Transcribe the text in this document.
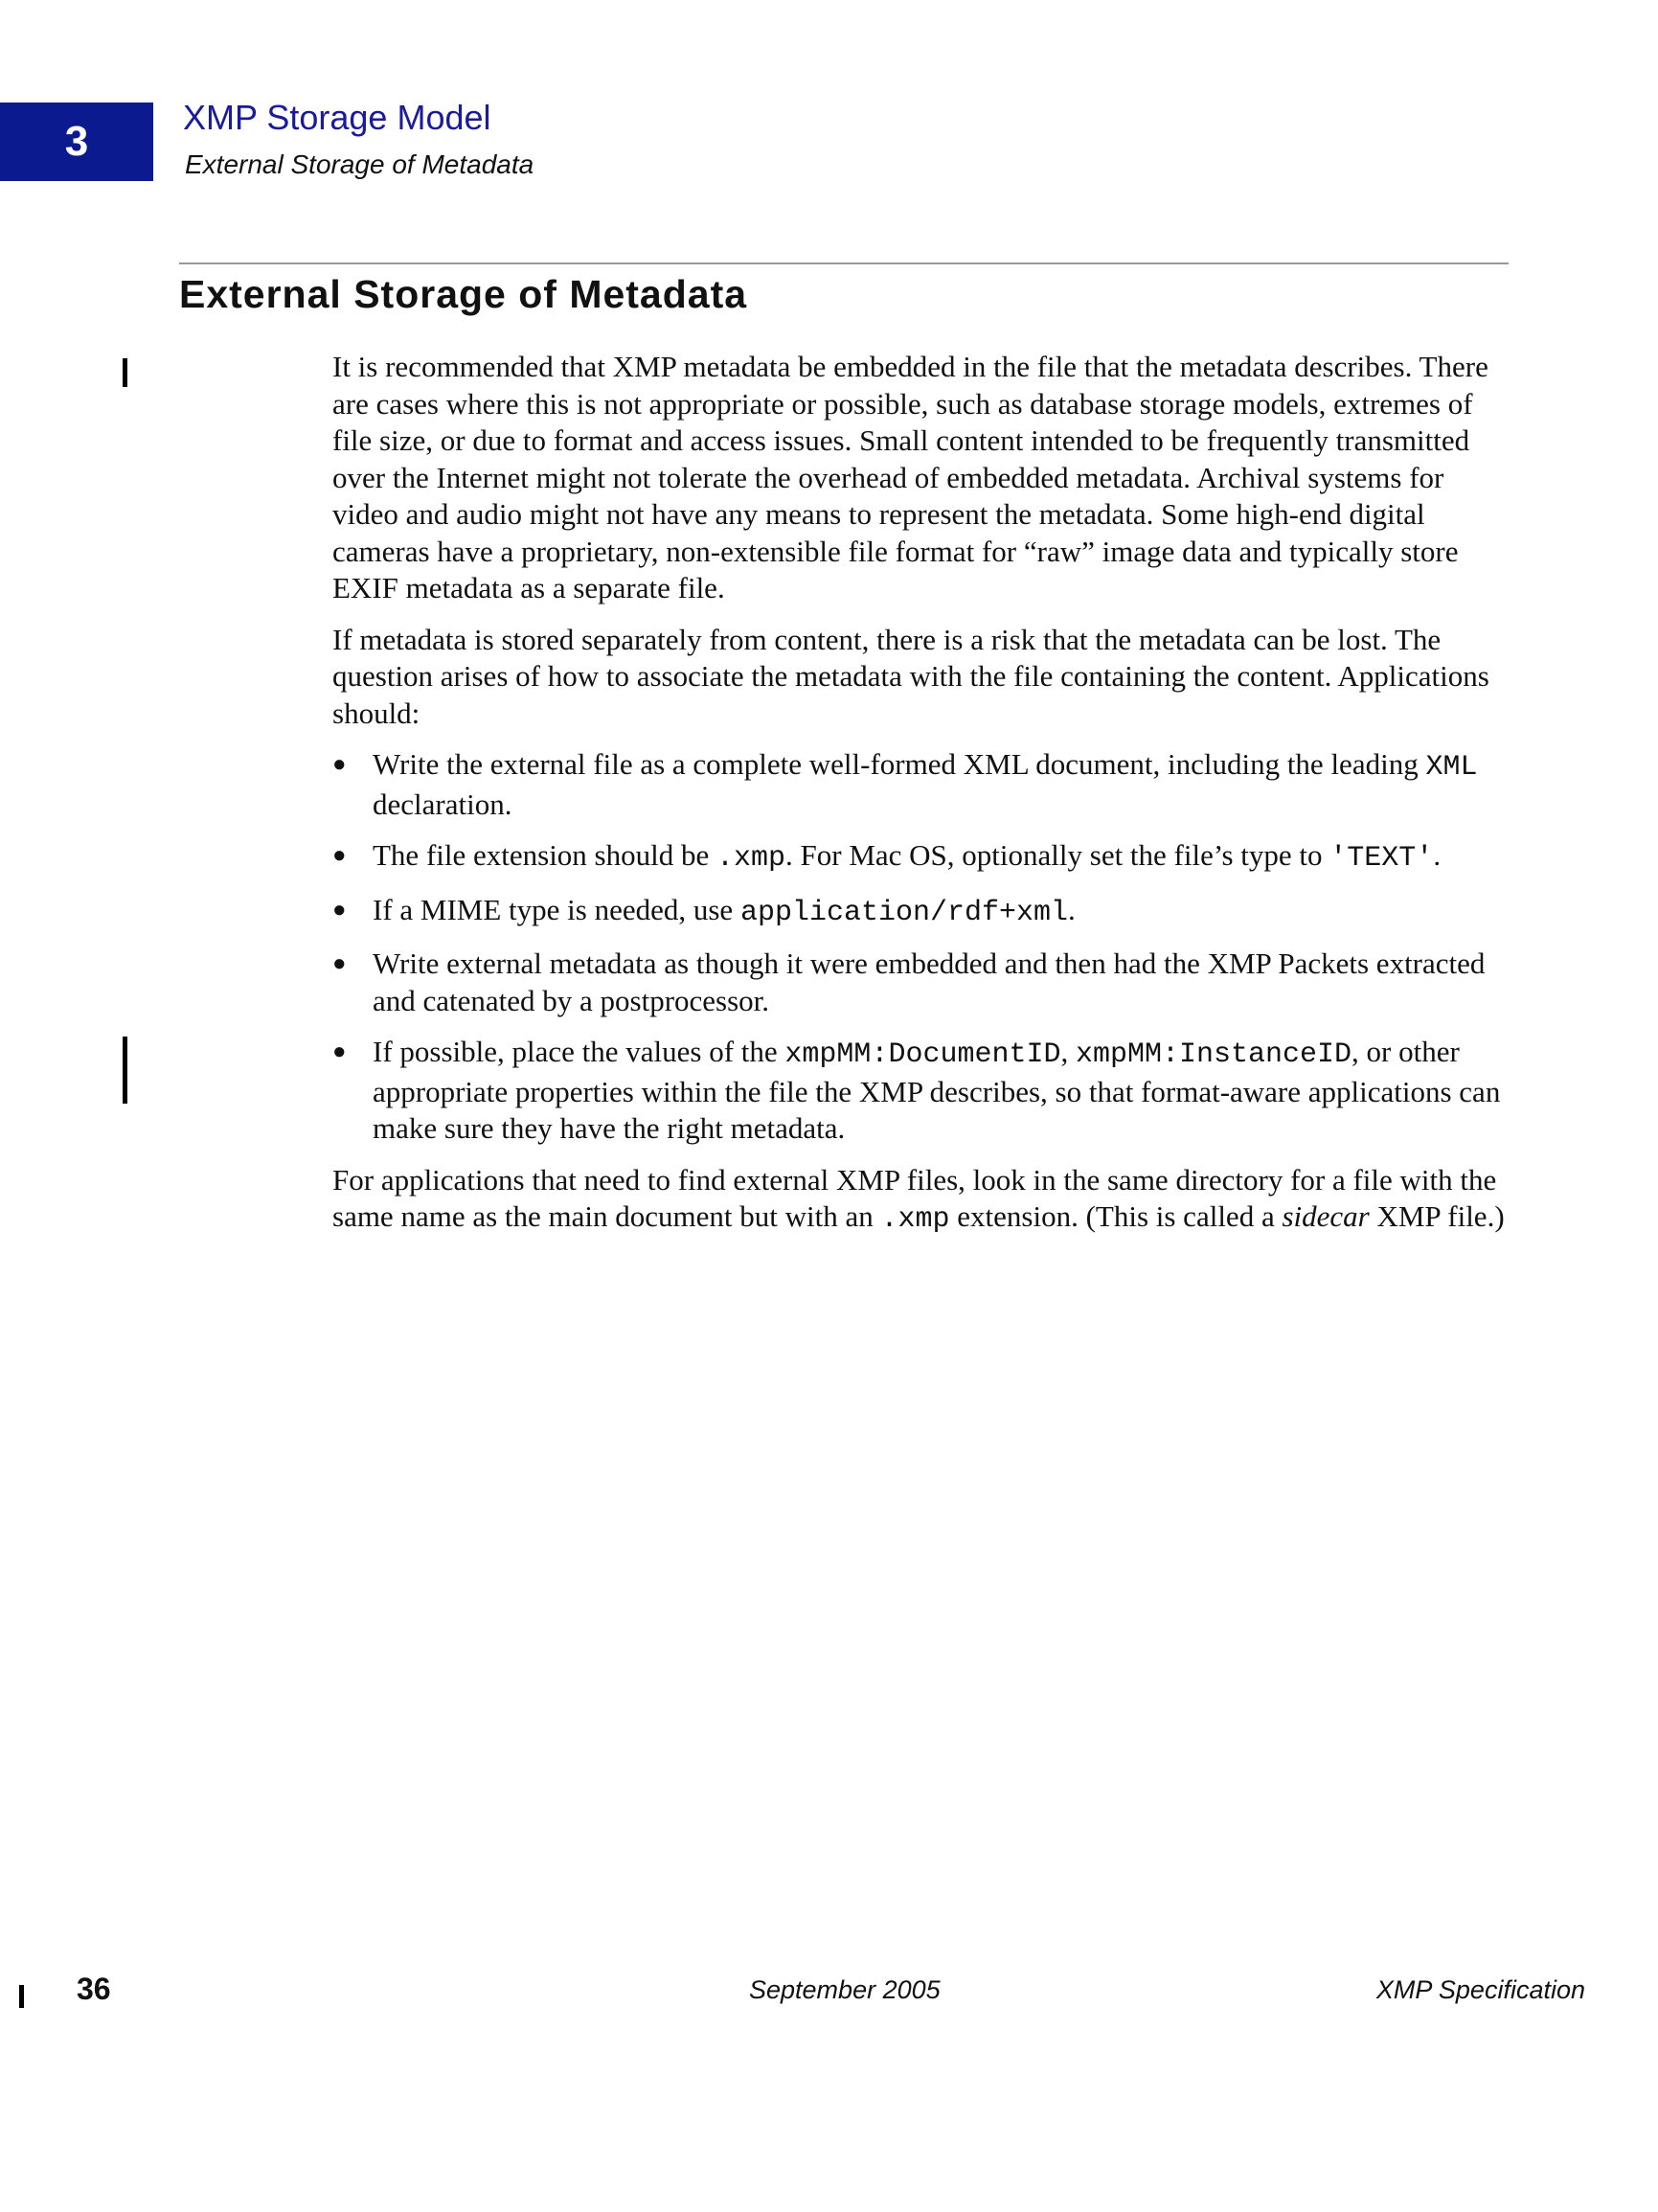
3
XMP Storage Model
External Storage of Metadata
External Storage of Metadata

It is recommended that XMP metadata be embedded in the file that the metadata describes. There are cases where this is not appropriate or possible, such as database storage models, extremes of file size, or due to format and access issues. Small content intended to be frequently transmitted over the Internet might not tolerate the overhead of embedded metadata. Archival systems for video and audio might not have any means to represent the metadata. Some high-end digital cameras have a proprietary, non-extensible file format for “raw” image data and typically store EXIF metadata as a separate file.

If metadata is stored separately from content, there is a risk that the metadata can be lost. The question arises of how to associate the metadata with the file containing the content. Applications should:

● Write the external file as a complete well-formed XML document, including the leading XML declaration.
● The file extension should be .xmp. For Mac OS, optionally set the file’s type to 'TEXT'.
● If a MIME type is needed, use application/rdf+xml.
● Write external metadata as though it were embedded and then had the XMP Packets extracted and catenated by a postprocessor.
● If possible, place the values of the xmpMM:DocumentID, xmpMM:InstanceID, or other appropriate properties within the file the XMP describes, so that format-aware applications can make sure they have the right metadata.

For applications that need to find external XMP files, look in the same directory for a file with the same name as the main document but with an .xmp extension. (This is called a sidecar XMP file.)

36	September 2005	XMP Specification
